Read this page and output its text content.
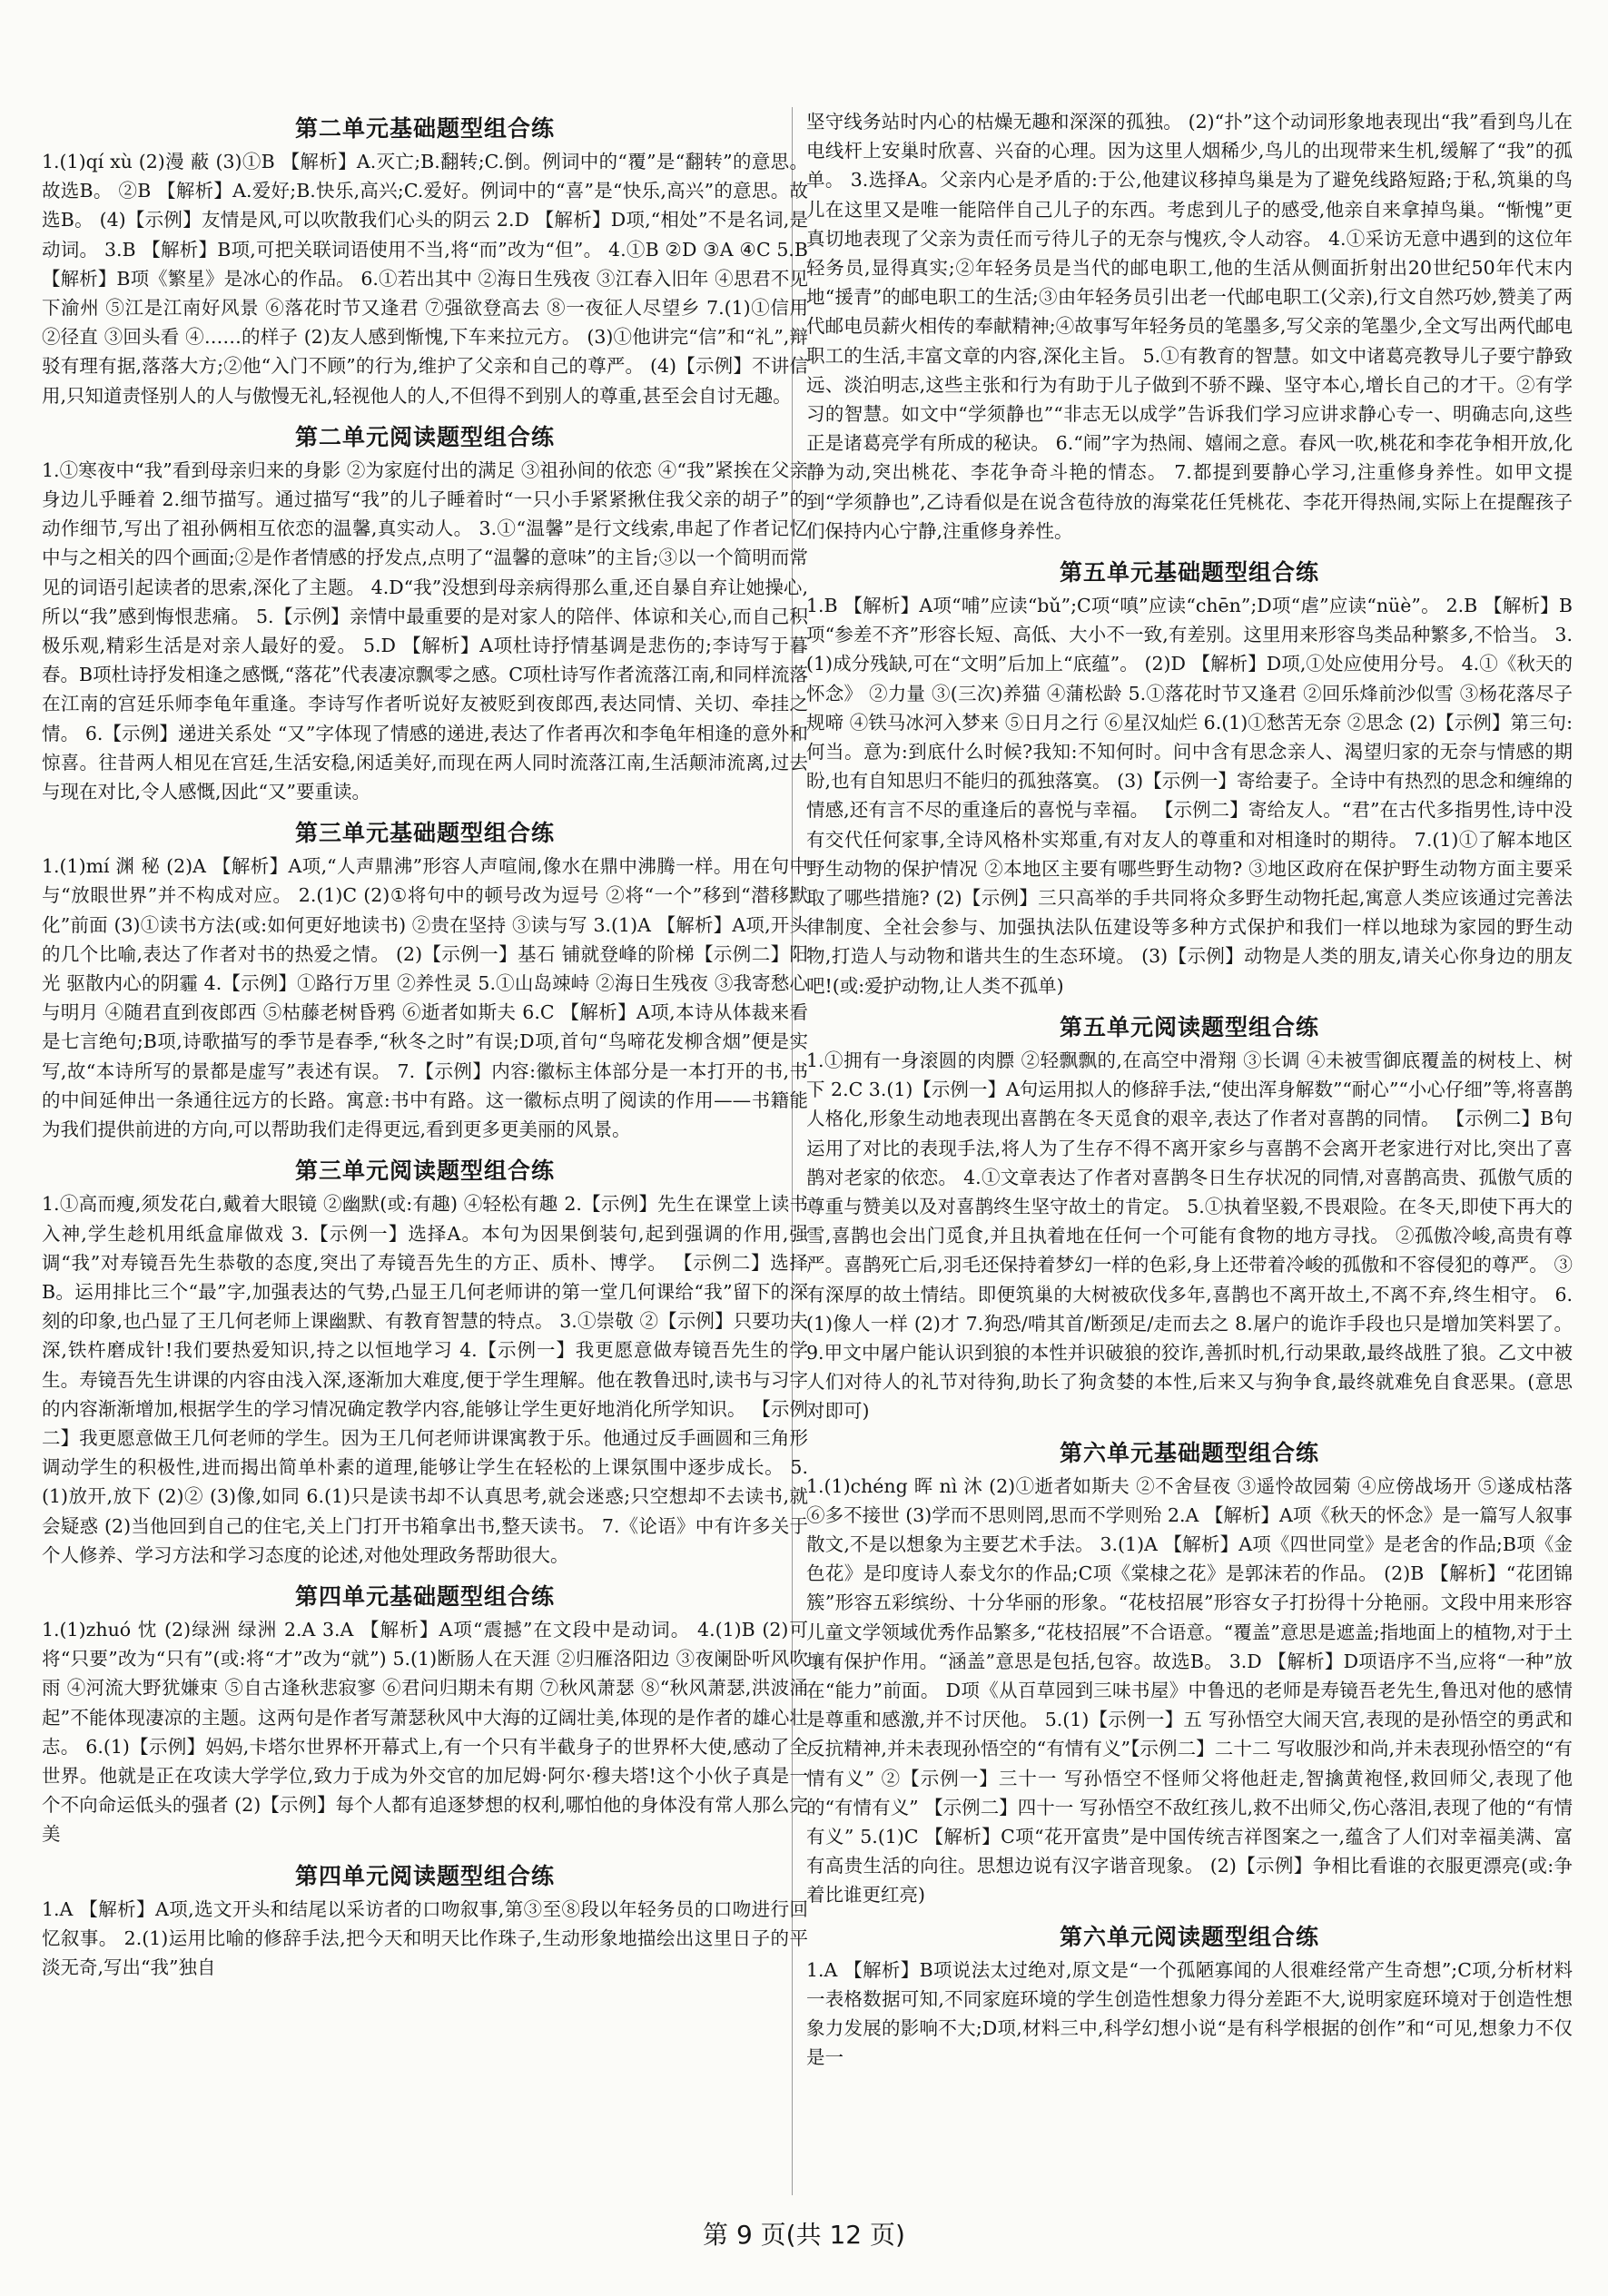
第二单元基础题型组合练

1.(1)qí xù (2)漫 蔽 (3)①B 【解析】A.灭亡;B.翻转;C.倒。例词中的“覆”是“翻转”的意思。故选B。 ②B 【解析】A.爱好;B.快乐,高兴;C.爱好。例词中的“喜”是“快乐,高兴”的意思。故选B。 (4)【示例】友情是风,可以吹散我们心头的阴云 2.D 【解析】D项,“相处”不是名词,是动词。 3.B 【解析】B项,可把关联词语使用不当,将“而”改为“但”。 4.①B ②D ③A ④C 5.B 【解析】B项《繁星》是冰心的作品。 6.①若出其中 ②海日生残夜 ③江春入旧年 ④思君不见下渝州 ⑤江是江南好风景 ⑥落花时节又逢君 ⑦强欲登高去 ⑧一夜征人尽望乡 7.(1)①信用 ②径直 ③回头看 ④……的样子 (2)友人感到惭愧,下车来拉元方。 (3)①他讲完“信”和“礼”,辩驳有理有据,落落大方;②他“入门不顾”的行为,维护了父亲和自己的尊严。 (4)【示例】不讲信用,只知道责怪别人的人与傲慢无礼,轻视他人的人,不但得不到别人的尊重,甚至会自讨无趣。

第二单元阅读题型组合练

1.①寒夜中“我”看到母亲归来的身影 ②为家庭付出的满足 ③祖孙间的依恋 ④“我”紧挨在父亲身边儿乎睡着 2.细节描写。通过描写“我”的儿子睡着时“一只小手紧紧揪住我父亲的胡子”的动作细节,写出了祖孙俩相互依恋的温馨,真实动人。 3.①“温馨”是行文线索,串起了作者记忆中与之相关的四个画面;②是作者情感的抒发点,点明了“温馨的意味”的主旨;③以一个简明而常见的词语引起读者的思索,深化了主题。 4.D“我”没想到母亲病得那么重,还自暴自弃让她操心,所以“我”感到悔恨悲痛。 5.【示例】亲情中最重要的是对家人的陪伴、体谅和关心,而自己积极乐观,精彩生活是对亲人最好的爱。 5.D 【解析】A项杜诗抒情基调是悲伤的;李诗写于暮春。B项杜诗抒发相逢之感慨,“落花”代表凄凉飘零之感。C项杜诗写作者流落江南,和同样流落在江南的宫廷乐师李龟年重逢。李诗写作者听说好友被贬到夜郎西,表达同情、关切、牵挂之情。 6.【示例】递进关系处 “又”字体现了情感的递进,表达了作者再次和李龟年相逢的意外和惊喜。往昔两人相见在宫廷,生活安稳,闲适美好,而现在两人同时流落江南,生活颠沛流离,过去与现在对比,令人感慨,因此“又”要重读。

第三单元基础题型组合练

1.(1)mí 渊 秘 (2)A 【解析】A项,“人声鼎沸”形容人声喧闹,像水在鼎中沸腾一样。用在句中与“放眼世界”并不构成对应。 2.(1)C (2)①将句中的顿号改为逗号 ②将“一个”移到“潜移默化”前面 (3)①读书方法(或:如何更好地读书) ②贵在坚持 ③读与写 3.(1)A 【解析】A项,开头的几个比喻,表达了作者对书的热爱之情。 (2)【示例一】基石 铺就登峰的阶梯【示例二】阳光 驱散内心的阴霾 4.【示例】①路行万里 ②养性灵 5.①山岛竦峙 ②海日生残夜 ③我寄愁心与明月 ④随君直到夜郎西 ⑤枯藤老树昏鸦 ⑥逝者如斯夫 6.C 【解析】A项,本诗从体裁来看是七言绝句;B项,诗歌描写的季节是春季,“秋冬之时”有误;D项,首句“鸟啼花发柳含烟”便是实写,故“本诗所写的景都是虚写”表述有误。 7.【示例】内容:徽标主体部分是一本打开的书,书的中间延伸出一条通往远方的长路。寓意:书中有路。这一徽标点明了阅读的作用——书籍能为我们提供前进的方向,可以帮助我们走得更远,看到更多更美丽的风景。

第三单元阅读题型组合练

1.①高而瘦,须发花白,戴着大眼镜 ②幽默(或:有趣) ④轻松有趣 2.【示例】先生在课堂上读书入神,学生趁机用纸盒扉做戏 3.【示例一】选择A。本句为因果倒装句,起到强调的作用,强调“我”对寿镜吾先生恭敬的态度,突出了寿镜吾先生的方正、质朴、博学。 【示例二】选择B。运用排比三个“最”字,加强表达的气势,凸显王几何老师讲的第一堂几何课给“我”留下的深刻的印象,也凸显了王几何老师上课幽默、有教育智慧的特点。 3.①崇敬 ②【示例】只要功夫深,铁杵磨成针!我们要热爱知识,持之以恒地学习 4.【示例一】我更愿意做寿镜吾先生的学生。寿镜吾先生讲课的内容由浅入深,逐渐加大难度,便于学生理解。他在教鲁迅时,读书与习字的内容渐渐增加,根据学生的学习情况确定教学内容,能够让学生更好地消化所学知识。 【示例二】我更愿意做王几何老师的学生。因为王几何老师讲课寓教于乐。他通过反手画圆和三角形调动学生的积极性,进而揭出简单朴素的道理,能够让学生在轻松的上课氛围中逐步成长。 5.(1)放开,放下 (2)② (3)像,如同 6.(1)只是读书却不认真思考,就会迷惑;只空想却不去读书,就会疑惑 (2)当他回到自己的住宅,关上门打开书箱拿出书,整天读书。 7.《论语》中有许多关于个人修养、学习方法和学习态度的论述,对他处理政务帮助很大。

第四单元基础题型组合练

1.(1)zhuó 忱 (2)绿洲 绿洲 2.A 3.A 【解析】A项“震撼”在文段中是动词。 4.(1)B (2)可将“只要”改为“只有”(或:将“才”改为“就”) 5.(1)断肠人在天涯 ②归雁洛阳边 ③夜阑卧听风吹雨 ④河流大野犹嫌束 ⑤自古逢秋悲寂寥 ⑥君问归期未有期 ⑦秋风萧瑟 ⑧“秋风萧瑟,洪波涌起”不能体现凄凉的主题。这两句是作者写萧瑟秋风中大海的辽阔壮美,体现的是作者的雄心壮志。 6.(1)【示例】妈妈,卡塔尔世界杯开幕式上,有一个只有半截身子的世界杯大使,感动了全世界。他就是正在攻读大学学位,致力于成为外交官的加尼姆·阿尔·穆夫塔!这个小伙子真是一个不向命运低头的强者 (2)【示例】每个人都有追逐梦想的权利,哪怕他的身体没有常人那么完美

第四单元阅读题型组合练

1.A 【解析】A项,选文开头和结尾以采访者的口吻叙事,第③至⑧段以年轻务员的口吻进行回忆叙事。 2.(1)运用比喻的修辞手法,把今天和明天比作珠子,生动形象地描绘出这里日子的平淡无奇,写出“我”独自

坚守线务站时内心的枯燥无趣和深深的孤独。 (2)“扑”这个动词形象地表现出“我”看到鸟儿在电线杆上安巢时欣喜、兴奋的心理。因为这里人烟稀少,鸟儿的出现带来生机,缓解了“我”的孤单。 3.选择A。父亲内心是矛盾的:于公,他建议移掉鸟巢是为了避免线路短路;于私,筑巢的鸟儿在这里又是唯一能陪伴自己儿子的东西。考虑到儿子的感受,他亲自来拿掉鸟巢。“惭愧”更真切地表现了父亲为责任而亏待儿子的无奈与愧疚,令人动容。 4.①采访无意中遇到的这位年轻务员,显得真实;②年轻务员是当代的邮电职工,他的生活从侧面折射出20世纪50年代末内地“援青”的邮电职工的生活;③由年轻务员引出老一代邮电职工(父亲),行文自然巧妙,赞美了两代邮电员薪火相传的奉献精神;④故事写年轻务员的笔墨多,写父亲的笔墨少,全文写出两代邮电职工的生活,丰富文章的内容,深化主旨。 5.①有教育的智慧。如文中诸葛亮教导儿子要宁静致远、淡泊明志,这些主张和行为有助于儿子做到不骄不躁、坚守本心,增长自己的才干。②有学习的智慧。如文中“学须静也”“非志无以成学”告诉我们学习应讲求静心专一、明确志向,这些正是诸葛亮学有所成的秘诀。 6.“闹”字为热闹、嬉闹之意。春风一吹,桃花和李花争相开放,化静为动,突出桃花、李花争奇斗艳的情态。 7.都提到要静心学习,注重修身养性。如甲文提到“学须静也”,乙诗看似是在说含苞待放的海棠花任凭桃花、李花开得热闹,实际上在提醒孩子们保持内心宁静,注重修身养性。

第五单元基础题型组合练

1.B 【解析】A项“哺”应读“bǔ”;C项“嗔”应读“chēn”;D项“虐”应读“nüè”。 2.B 【解析】B项“参差不齐”形容长短、高低、大小不一致,有差别。这里用来形容鸟类品种繁多,不恰当。 3.(1)成分残缺,可在“文明”后加上“底蕴”。 (2)D 【解析】D项,①处应使用分号。 4.①《秋天的怀念》 ②力量 ③(三次)养猫 ④蒲松龄 5.①落花时节又逢君 ②回乐烽前沙似雪 ③杨花落尽子规啼 ④铁马冰河入梦来 ⑤日月之行 ⑥星汉灿烂 6.(1)①愁苦无奈 ②思念 (2)【示例】第三句:何当。意为:到底什么时候?我知:不知何时。问中含有思念亲人、渴望归家的无奈与情感的期盼,也有自知思归不能归的孤独落寞。 (3)【示例一】寄给妻子。全诗中有热烈的思念和缠绵的情感,还有言不尽的重逢后的喜悦与幸福。 【示例二】寄给友人。“君”在古代多指男性,诗中没有交代任何家事,全诗风格朴实郑重,有对友人的尊重和对相逢时的期待。 7.(1)①了解本地区野生动物的保护情况 ②本地区主要有哪些野生动物? ③地区政府在保护野生动物方面主要采取了哪些措施? (2)【示例】三只高举的手共同将众多野生动物托起,寓意人类应该通过完善法律制度、全社会参与、加强执法队伍建设等多种方式保护和我们一样以地球为家园的野生动物,打造人与动物和谐共生的生态环境。 (3)【示例】动物是人类的朋友,请关心你身边的朋友吧!(或:爱护动物,让人类不孤单)

第五单元阅读题型组合练

1.①拥有一身滚圆的肉膘 ②轻飘飘的,在高空中滑翔 ③长调 ④未被雪御底覆盖的树枝上、树下 2.C 3.(1)【示例一】A句运用拟人的修辞手法,“使出浑身解数”“耐心”“小心仔细”等,将喜鹊人格化,形象生动地表现出喜鹊在冬天觅食的艰辛,表达了作者对喜鹊的同情。 【示例二】B句运用了对比的表现手法,将人为了生存不得不离开家乡与喜鹊不会离开老家进行对比,突出了喜鹊对老家的依恋。 4.①文章表达了作者对喜鹊冬日生存状况的同情,对喜鹊高贵、孤傲气质的尊重与赞美以及对喜鹊终生坚守故土的肯定。 5.①执着坚毅,不畏艰险。在冬天,即使下再大的雪,喜鹊也会出门觅食,并且执着地在任何一个可能有食物的地方寻找。 ②孤傲冷峻,高贵有尊严。喜鹊死亡后,羽毛还保持着梦幻一样的色彩,身上还带着冷峻的孤傲和不容侵犯的尊严。 ③有深厚的故土情结。即便筑巢的大树被砍伐多年,喜鹊也不离开故土,不离不弃,终生相守。 6.(1)像人一样 (2)才 7.狗恐/啃其首/断颈足/走而去之 8.屠户的诡诈手段也只是增加笑料罢了。 9.甲文中屠户能认识到狼的本性并识破狼的狡诈,善抓时机,行动果敢,最终战胜了狼。乙文中被人们对待人的礼节对待狗,助长了狗贪婪的本性,后来又与狗争食,最终就难免自食恶果。(意思对即可)

第六单元基础题型组合练

1.(1)chéng 晖 nì 沐 (2)①逝者如斯夫 ②不舍昼夜 ③遥怜故园菊 ④应傍战场开 ⑤遂成枯落 ⑥多不接世 (3)学而不思则罔,思而不学则殆 2.A 【解析】A项《秋天的怀念》是一篇写人叙事散文,不是以想象为主要艺术手法。 3.(1)A 【解析】A项《四世同堂》是老舍的作品;B项《金色花》是印度诗人泰戈尔的作品;C项《棠棣之花》是郭沫若的作品。 (2)B 【解析】“花团锦簇”形容五彩缤纷、十分华丽的形象。“花枝招展”形容女子打扮得十分艳丽。文段中用来形容儿童文学领域优秀作品繁多,“花枝招展”不合语意。“覆盖”意思是遮盖;指地面上的植物,对于土壤有保护作用。“涵盖”意思是包括,包容。故选B。 3.D 【解析】D项语序不当,应将“一种”放在“能力”前面。 D项《从百草园到三味书屋》中鲁迅的老师是寿镜吾老先生,鲁迅对他的感情是尊重和感激,并不讨厌他。 5.(1)【示例一】五 写孙悟空大闹天宫,表现的是孙悟空的勇武和反抗精神,并未表现孙悟空的“有情有义”【示例二】二十二 写收服沙和尚,并未表现孙悟空的“有情有义” ②【示例一】三十一 写孙悟空不怪师父将他赶走,智擒黄袍怪,救回师父,表现了他的“有情有义” 【示例二】四十一 写孙悟空不敌红孩儿,救不出师父,伤心落泪,表现了他的“有情有义” 5.(1)C 【解析】C项“花开富贵”是中国传统吉祥图案之一,蕴含了人们对幸福美满、富有高贵生活的向往。思想边说有汉字谐音现象。 (2)【示例】争相比看谁的衣服更漂亮(或:争着比谁更红亮)

第六单元阅读题型组合练

1.A 【解析】B项说法太过绝对,原文是“一个孤陋寡闻的人很难经常产生奇想”;C项,分析材料一表格数据可知,不同家庭环境的学生创造性想象力得分差距不大,说明家庭环境对于创造性想象力发展的影响不大;D项,材料三中,科学幻想小说“是有科学根据的创作”和“可见,想象力不仅是一

第 9 页(共 12 页)
